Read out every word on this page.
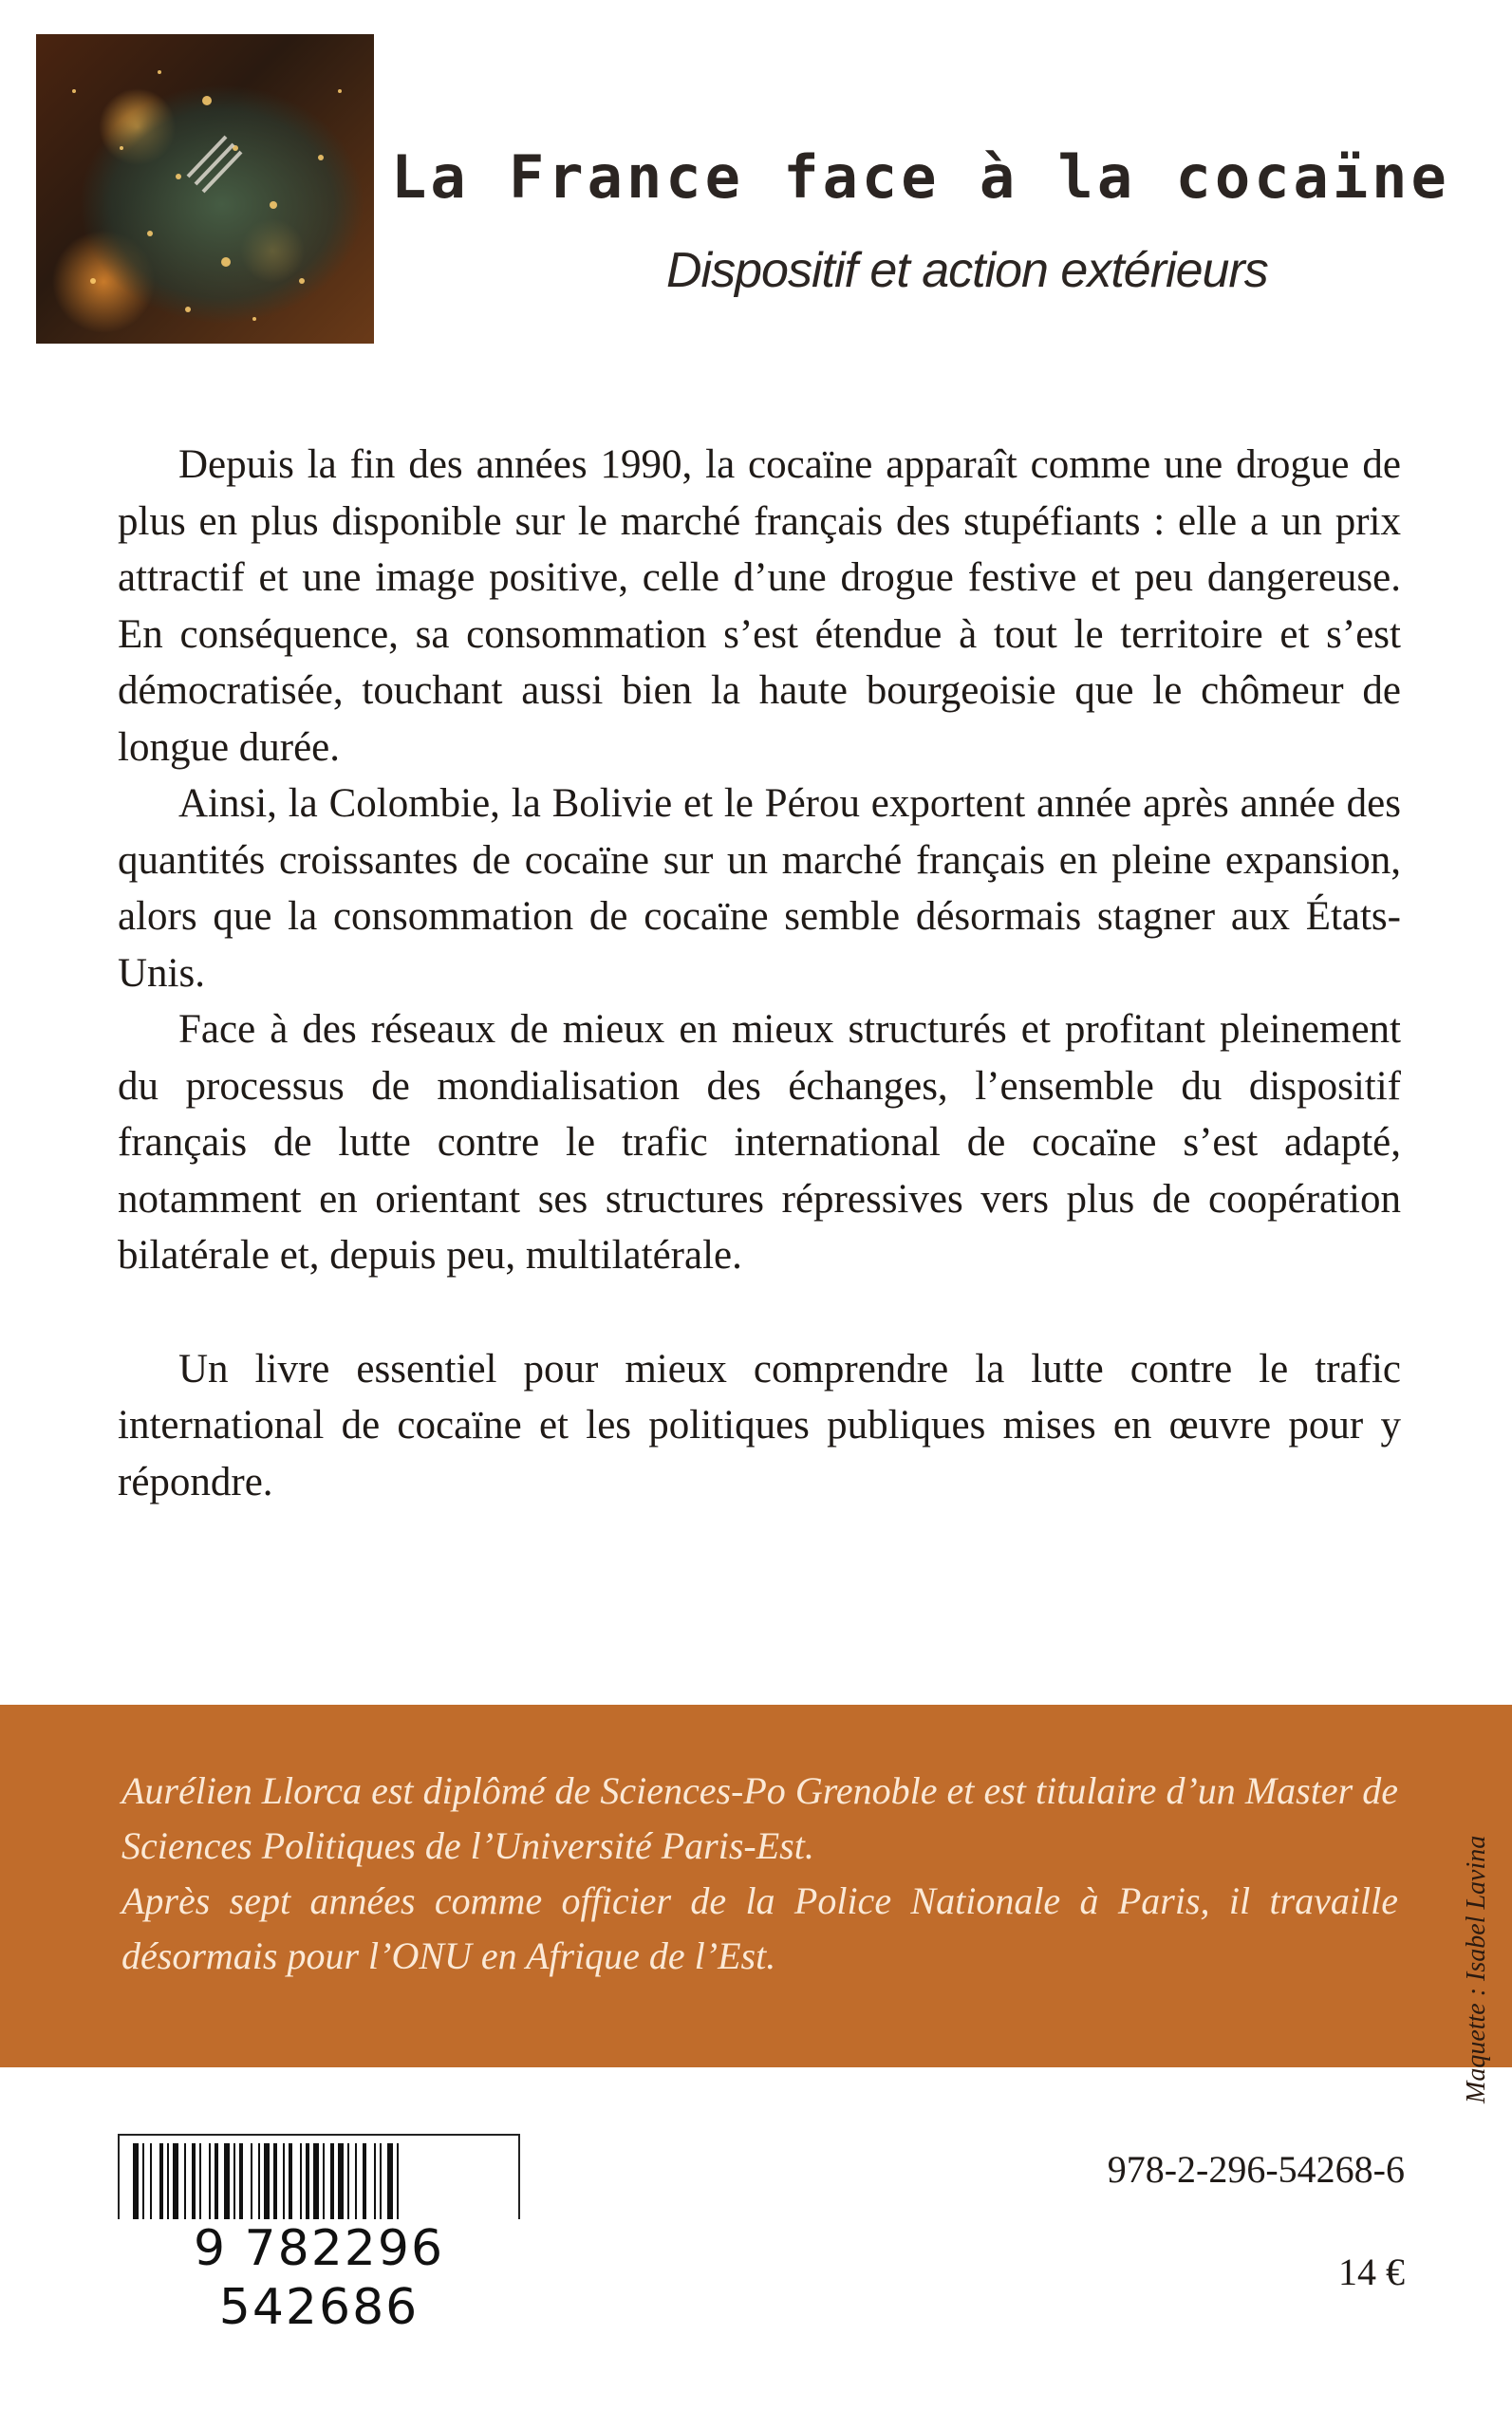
La France face à la cocaïne
Dispositif et action extérieurs

Depuis la fin des années 1990, la cocaïne apparaît comme une drogue de plus en plus disponible sur le marché français des stupéfiants : elle a un prix attractif et une image positive, celle d’une drogue festive et peu dangereuse. En conséquence, sa consommation s’est étendue à tout le territoire et s’est démocratisée, touchant aussi bien la haute bourgeoisie que le chômeur de longue durée.

Ainsi, la Colombie, la Bolivie et le Pérou exportent année après année des quantités croissantes de cocaïne sur un marché français en pleine expansion, alors que la consommation de cocaïne semble désormais stagner aux États-Unis.

Face à des réseaux de mieux en mieux structurés et profitant pleinement du processus de mondialisation des échanges, l’ensemble du dispositif français de lutte contre le trafic international de cocaïne s’est adapté, notamment en orientant ses structures répressives vers plus de coopération bilatérale et, depuis peu, multilatérale.

Un livre essentiel pour mieux comprendre la lutte contre le trafic international de cocaïne et les politiques publiques mises en œuvre pour y répondre.

Aurélien Llorca est diplômé de Sciences-Po Grenoble et est titulaire d’un Master de Sciences Politiques de l’Université Paris-Est.

Après sept années comme officier de la Police Nationale à Paris, il travaille désormais pour l’ONU en Afrique de l’Est.	Maquette : Isabel Lavina
9 782296 542686
978-2-296-54268-6
14 €
